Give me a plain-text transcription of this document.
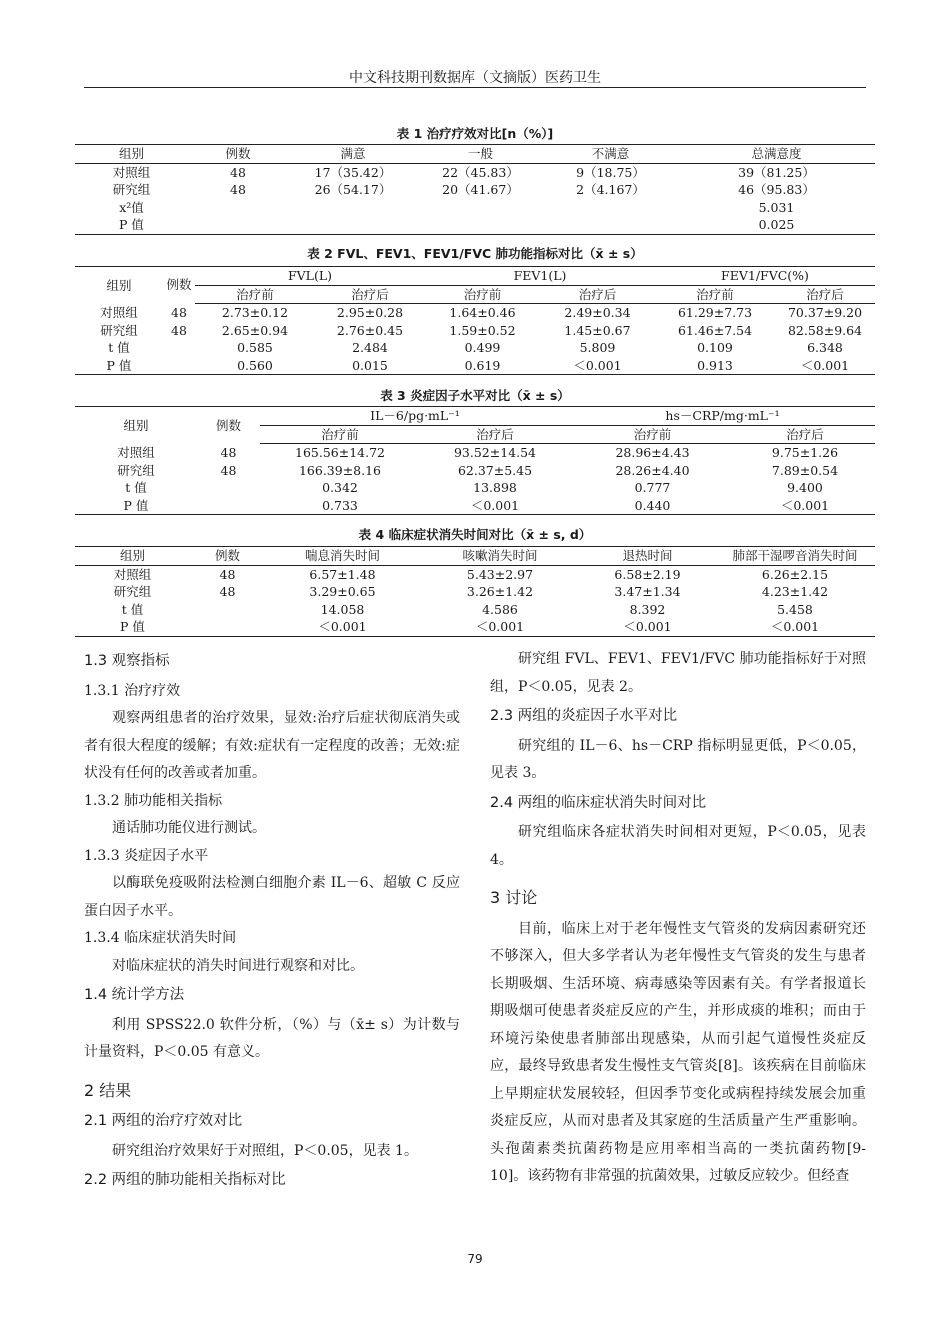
中文科技期刊数据库（文摘版）医药卫生
表 1 治疗疗效对比[n（%）]
组别	例数	满意	一般	不满意	总满意度
对照组	48	17（35.42）	22（45.83）	9（18.75）	39（81.25）
研究组	48	26（54.17）	20（41.67）	2（4.167）	46（95.83）
x²值					5.031
P 值					0.025
表 2 FVL、FEV1、FEV1/FVC 肺功能指标对比（x̄ ± s）
组别	例数	FVL(L)		FEV1(L)		FEV1/FVC(%)	
		治疗前	治疗后	治疗前	治疗后	治疗前	治疗后
对照组	48	2.73±0.12	2.95±0.28	1.64±0.46	2.49±0.34	61.29±7.73	70.37±9.20
研究组	48	2.65±0.94	2.76±0.45	1.59±0.52	1.45±0.67	61.46±7.54	82.58±9.64
t 值		0.585	2.484	0.499	5.809	0.109	6.348
P 值		0.560	0.015	0.619	＜0.001	0.913	＜0.001
表 3 炎症因子水平对比（x̄ ± s）
组别	例数	IL－6/pg·mL⁻¹		hs－CRP/mg·mL⁻¹	
		治疗前	治疗后	治疗前	治疗后
对照组	48	165.56±14.72	93.52±14.54	28.96±4.43	9.75±1.26
研究组	48	166.39±8.16	62.37±5.45	28.26±4.40	7.89±0.54
t 值		0.342	13.898	0.777	9.400
P 值		0.733	＜0.001	0.440	＜0.001
表 4 临床症状消失时间对比（x̄ ± s, d）
组别	例数	喘息消失时间	咳嗽消失时间	退热时间	肺部干湿啰音消失时间
对照组	48	6.57±1.48	5.43±2.97	6.58±2.19	6.26±2.15
研究组	48	3.29±0.65	3.26±1.42	3.47±1.34	4.23±1.42
t 值		14.058	4.586	8.392	5.458
P 值		＜0.001	＜0.001	＜0.001	＜0.001

1.3 观察指标

1.3.1 治疗疗效

观察两组患者的治疗效果，显效:治疗后症状彻底消失或者有很大程度的缓解；有效:症状有一定程度的改善；无效:症状没有任何的改善或者加重。

1.3.2 肺功能相关指标

通话肺功能仪进行测试。

1.3.3 炎症因子水平

以酶联免疫吸附法检测白细胞介素 IL－6、超敏 C 反应蛋白因子水平。

1.3.4 临床症状消失时间

对临床症状的消失时间进行观察和对比。

1.4 统计学方法

利用 SPSS22.0 软件分析，（%）与（x̄± s）为计数与计量资料，P＜0.05 有意义。

2 结果

2.1 两组的治疗疗效对比

研究组治疗效果好于对照组，P＜0.05，见表 1。

2.2 两组的肺功能相关指标对比

研究组 FVL、FEV1、FEV1/FVC 肺功能指标好于对照组，P＜0.05，见表 2。

2.3 两组的炎症因子水平对比

研究组的 IL－6、hs－CRP 指标明显更低，P＜0.05，见表 3。

2.4 两组的临床症状消失时间对比

研究组临床各症状消失时间相对更短，P＜0.05，见表 4。

3 讨论

目前，临床上对于老年慢性支气管炎的发病因素研究还不够深入，但大多学者认为老年慢性支气管炎的发生与患者长期吸烟、生活环境、病毒感染等因素有关。有学者报道长期吸烟可使患者炎症反应的产生，并形成痰的堆积；而由于环境污染使患者肺部出现感染，从而引起气道慢性炎症反应，最终导致患者发生慢性支气管炎[8]。该疾病在目前临床上早期症状发展较轻，但因季节变化或病程持续发展会加重炎症反应，从而对患者及其家庭的生活质量产生严重影响。头孢菌素类抗菌药物是应用率相当高的一类抗菌药物[9-10]。该药物有非常强的抗菌效果，过敏反应较少。但经查

79
